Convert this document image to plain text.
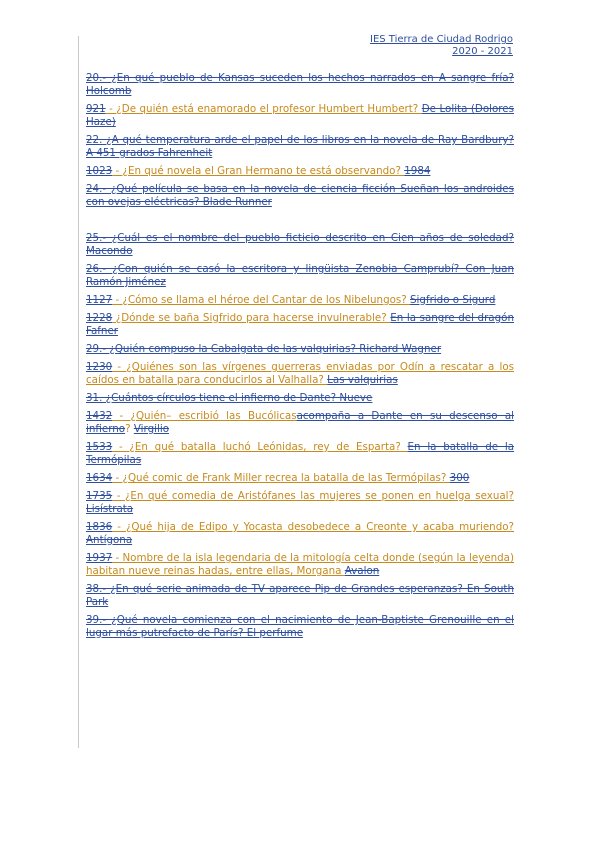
IES Tierra de Ciudad Rodrigo
2020 - 2021
20.- ¿En qué pueblo de Kansas suceden los hechos narrados en A sangre fría? Holcomb
921 - ¿De quién está enamorado el profesor Humbert Humbert? De Lolita (Dolores Haze)
22. ¿A qué temperatura arde el papel de los libros en la novela de Ray Bardbury? A 451 grados Fahrenheit
1023 - ¿En qué novela el Gran Hermano te está observando? 1984
24.- ¿Qué película se basa en la novela de ciencia ficción Sueñan los androides con ovejas eléctricas? Blade Runner
25.- ¿Cuál es el nombre del pueblo ficticio descrito en Cien años de soledad? Macondo
26.- ¿Con quién se casó la escritora y lingüista Zenobia Camprubí? Con Juan Ramón Jiménez
1127 - ¿Cómo se llama el héroe del Cantar de los Nibelungos? Sigfrido o Sigurd
1228 ¿Dónde se baña Sigfrido para hacerse invulnerable? En la sangre del dragón Fafner
29.- ¿Quién compuso la Cabalgata de las valquirias? Richard Wagner
1230 - ¿Quiénes son las vírgenes guerreras enviadas por Odín a rescatar a los caídos en batalla para conducirlos al Valhalla? Las valquirias
31. ¿Cuántos círculos tiene el infierno de Dante? Nueve
1432 - ¿Quién– escribió las Bucólicasacompaña a Dante en su descenso al infierno? Virgilio
1533 - ¿En qué batalla luchó Leónidas, rey de Esparta? En la batalla de la Termópilas
1634 - ¿Qué comic de Frank Miller recrea la batalla de las Termópilas? 300
1735 - ¿En qué comedia de Aristófanes las mujeres se ponen en huelga sexual? Lisístrata
1836 - ¿Qué hija de Edipo y Yocasta desobedece a Creonte y acaba muriendo? Antígona
1937 - Nombre de la isla legendaria de la mitología celta donde (según la leyenda) habitan nueve reinas hadas, entre ellas, Morgana Avalon
38.- ¿En qué serie animada de TV aparece Pip de Grandes esperanzas? En South Park
39.- ¿Qué novela comienza con el nacimiento de Jean-Baptiste Grenouille en el lugar más putrefacto de París? El perfume
